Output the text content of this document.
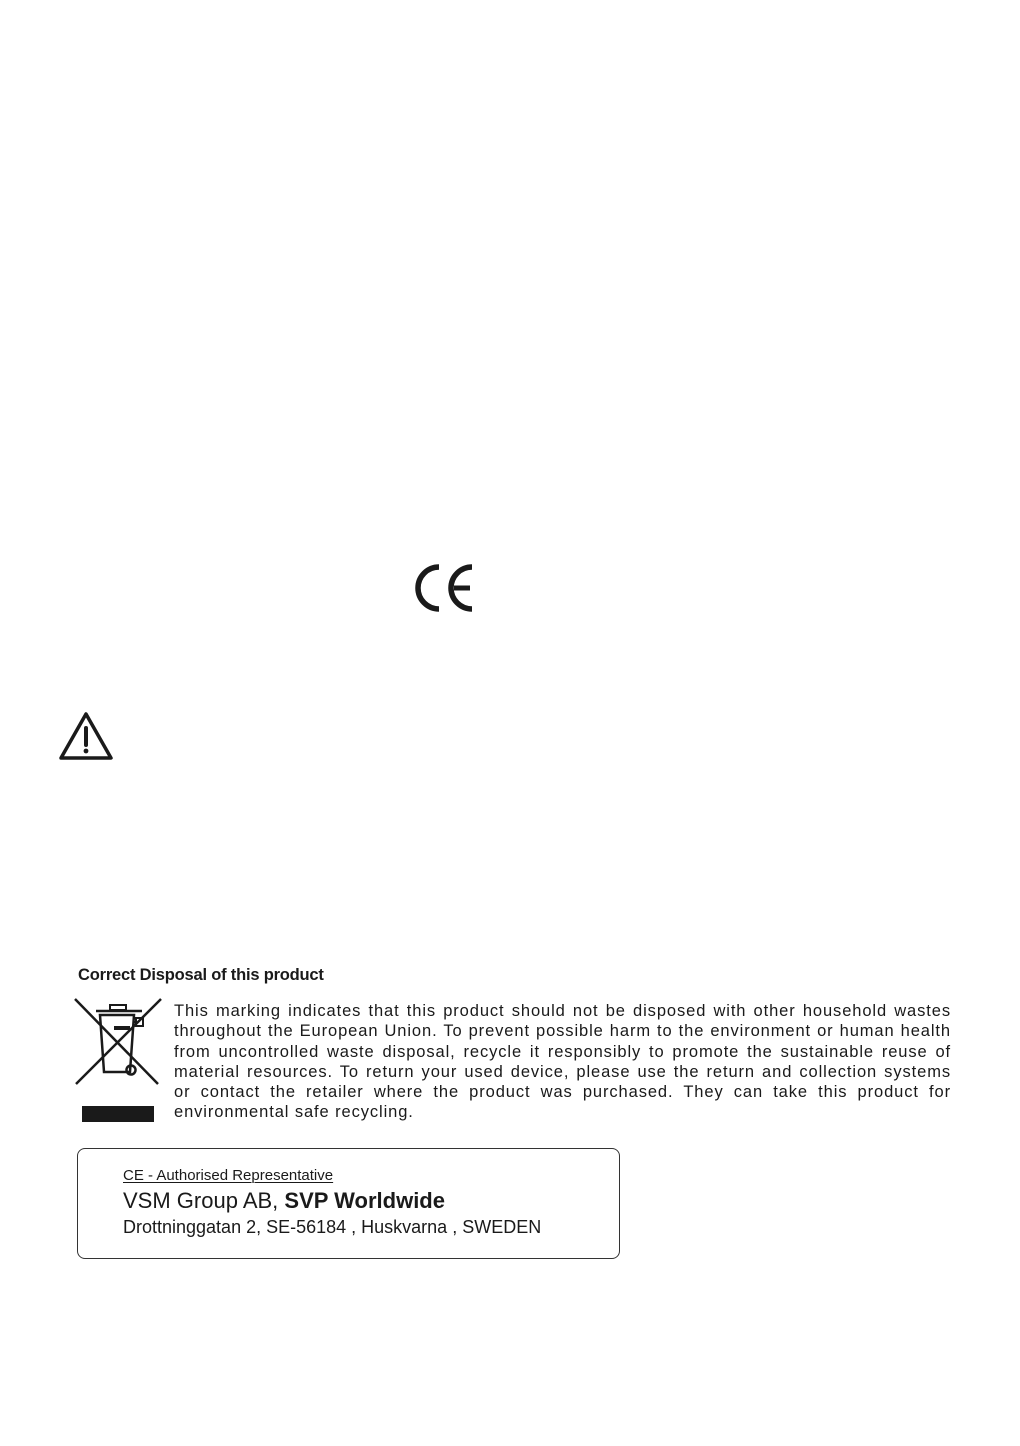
Correct Disposal of this product

This marking indicates that this product should not be disposed with other household wastes throughout the European Union. To prevent possible harm to the environment or human health from uncontrolled waste disposal, recycle it responsibly to promote the sustainable reuse of material resources. To return your used device, please use the return and collection systems or contact the retailer where the product was purchased. They can take this product for environmental safe recycling.

CE - Authorised Representative
VSM Group AB, SVP Worldwide
Drottninggatan 2, SE-56184 , Huskvarna , SWEDEN
